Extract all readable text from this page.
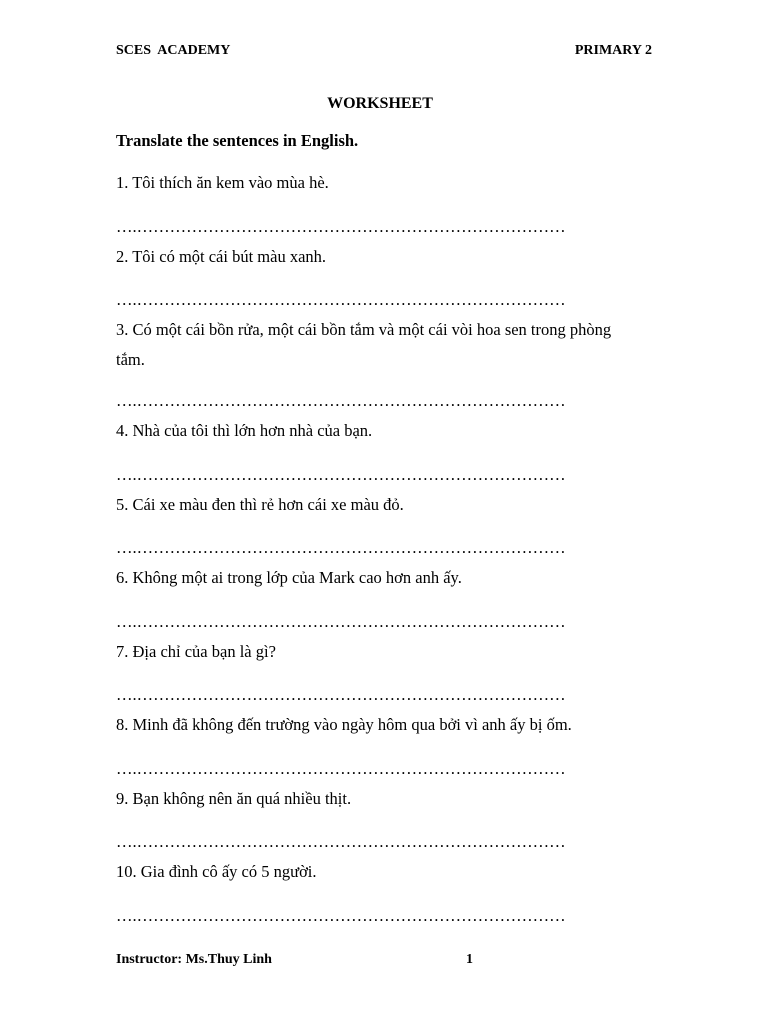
SCES  ACADEMY	PRIMARY 2
WORKSHEET
Translate the sentences in English.
1. Tôi thích ăn kem vào mùa hè.
….……………………………………………………………………
2. Tôi có một cái bút màu xanh.
….……………………………………………………………………
3. Có một cái bồn rửa, một cái bồn tắm và một cái vòi hoa sen trong phòng tắm.
….……………………………………………………………………
4. Nhà của tôi thì lớn hơn nhà của bạn.
….……………………………………………………………………
5. Cái xe màu đen thì rẻ hơn cái xe màu đỏ.
….……………………………………………………………………
6. Không một ai trong lớp của Mark cao hơn anh ấy.
….……………………………………………………………………
7. Địa chỉ của bạn là gì?
….……………………………………………………………………
8. Minh đã không đến trường vào ngày hôm qua bởi vì anh ấy bị ốm.
….……………………………………………………………………
9. Bạn không nên ăn quá nhiều thịt.
….……………………………………………………………………
10. Gia đình cô ấy có 5 người.
….……………………………………………………………………
Instructor: Ms.Thuy Linh	1
